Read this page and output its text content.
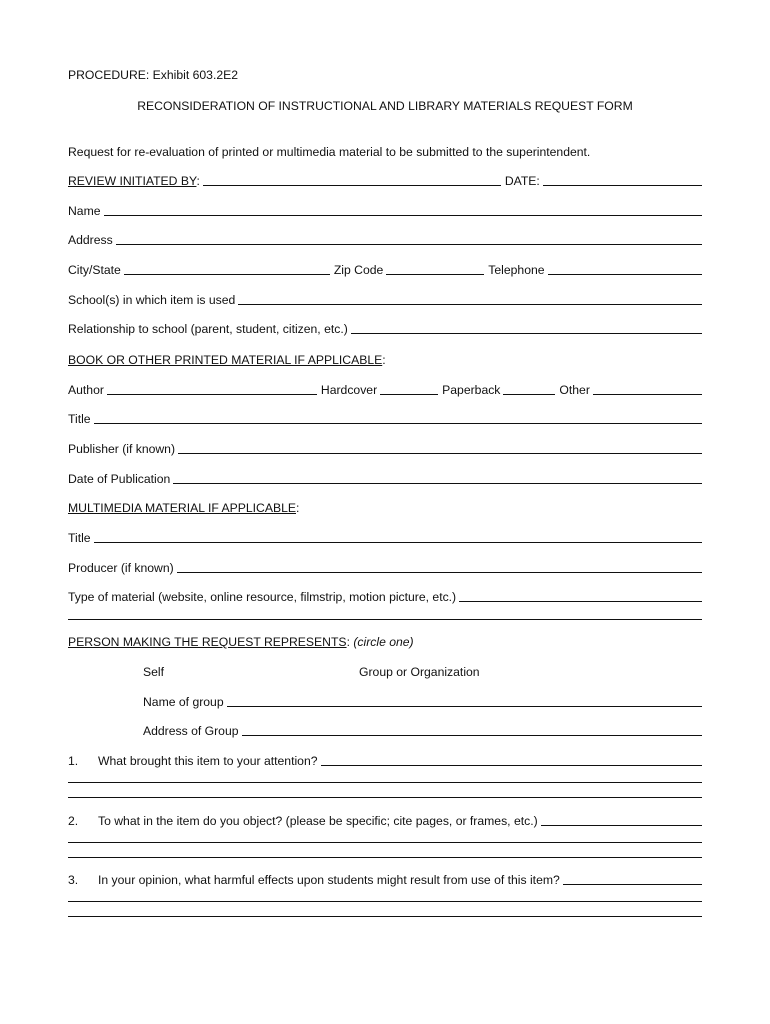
PROCEDURE: Exhibit 603.2E2
RECONSIDERATION OF INSTRUCTIONAL AND LIBRARY MATERIALS REQUEST FORM
Request for re-evaluation of printed or multimedia material to be submitted to the superintendent.
REVIEW INITIATED BY:	DATE:
Name
Address
City/State	Zip Code	Telephone
School(s) in which item is used
Relationship to school (parent, student, citizen, etc.)
BOOK OR OTHER PRINTED MATERIAL IF APPLICABLE:
Author	Hardcover	Paperback	Other
Title
Publisher (if known)
Date of Publication
MULTIMEDIA MATERIAL IF APPLICABLE:
Title
Producer (if known)
Type of material (website, online resource, filmstrip, motion picture, etc.)
PERSON MAKING THE REQUEST REPRESENTS: (circle one)
Self	Group or Organization
Name of group
Address of Group
1.	What brought this item to your attention?
2.	To what in the item do you object? (please be specific; cite pages, or frames, etc.)
3.	In your opinion, what harmful effects upon students might result from use of this item?
